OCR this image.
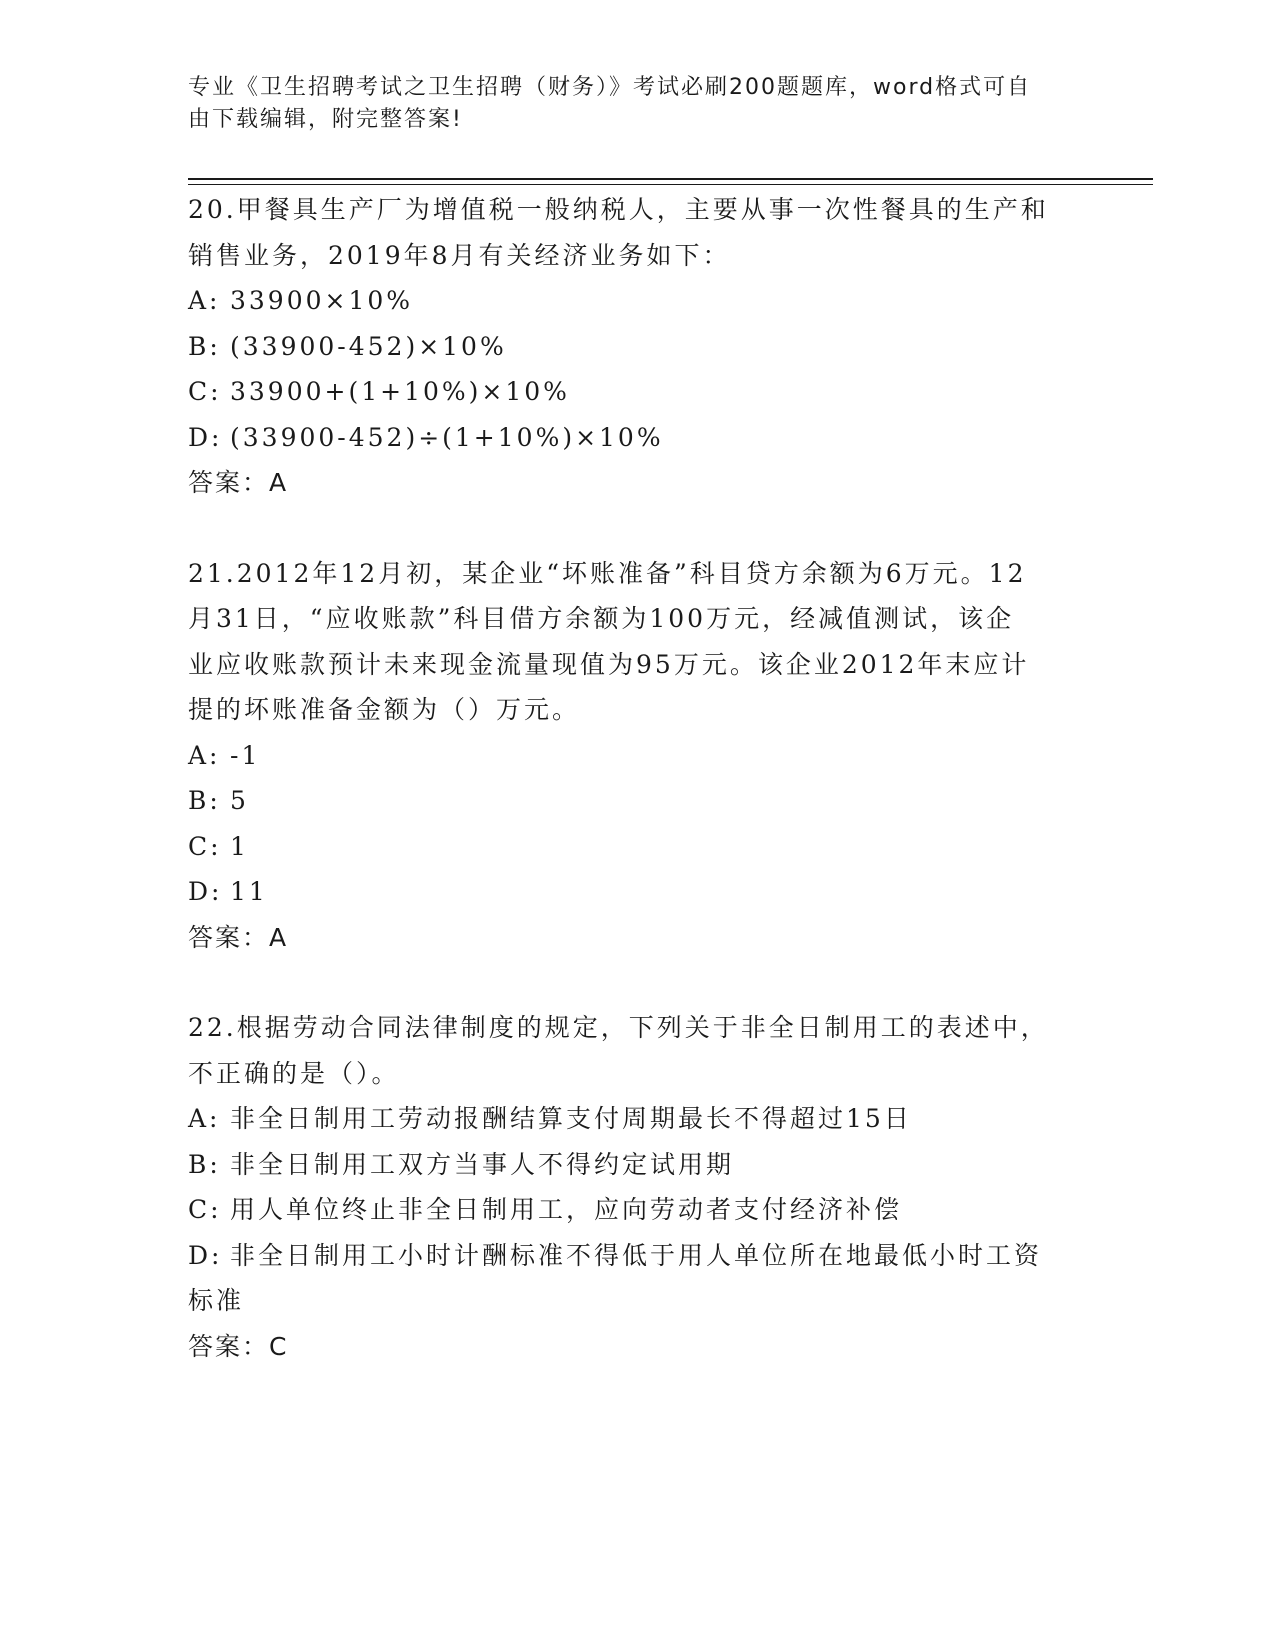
专业《卫生招聘考试之卫生招聘（财务）》考试必刷200题题库，word格式可自
由下载编辑，附完整答案!
20.甲餐具生产厂为增值税一般纳税人，主要从事一次性餐具的生产和
销售业务，2019年8月有关经济业务如下：
A: 33900×10%
B: (33900-452)×10%
C: 33900+(1+10%)×10%
D: (33900-452)÷(1+10%)×10%
答案：A
21.2012年12月初，某企业“坏账准备”科目贷方余额为6万元。12
月31日，“应收账款”科目借方余额为100万元，经减值测试，该企
业应收账款预计未来现金流量现值为95万元。该企业2012年末应计
提的坏账准备金额为（）万元。
A: -1
B: 5
C: 1
D: 11
答案：A
22.根据劳动合同法律制度的规定，下列关于非全日制用工的表述中，
不正确的是（）。
A: 非全日制用工劳动报酬结算支付周期最长不得超过15日
B: 非全日制用工双方当事人不得约定试用期
C: 用人单位终止非全日制用工，应向劳动者支付经济补偿
D: 非全日制用工小时计酬标准不得低于用人单位所在地最低小时工资
标准
答案：C
